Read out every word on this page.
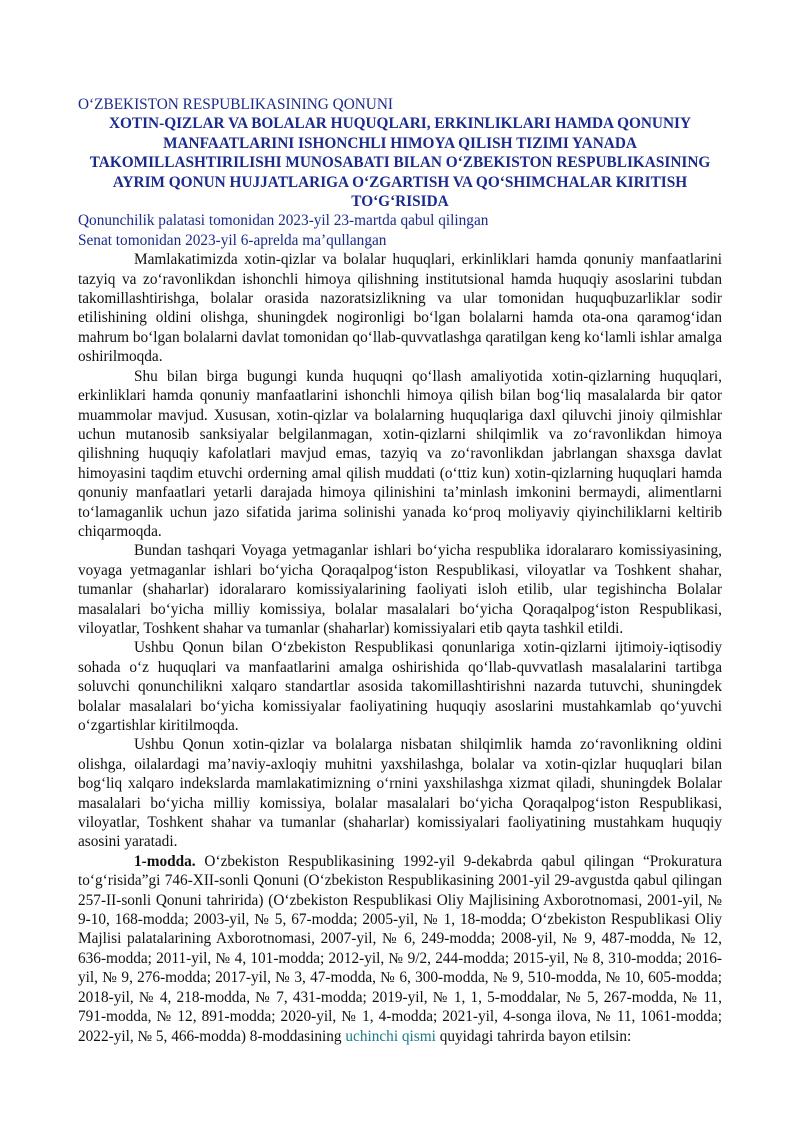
O‘ZBEKISTON RESPUBLIKASINING QONUNI

XOTIN-QIZLAR VA BOLALAR HUQUQLARI, ERKINLIKLARI HAMDA QONUNIY MANFAATLARINI ISHONCHLI HIMOYA QILISH TIZIMI YANADA TAKOMILLASHTIRILISHI MUNOSABATI BILAN O‘ZBEKISTON RESPUBLIKASINING AYRIM QONUN HUJJATLARIGA O‘ZGARTISH VA QO‘SHIMCHALAR KIRITISH TO‘G‘RISIDA

Qonunchilik palatasi tomonidan 2023-yil 23-martda qabul qilingan

Senat tomonidan 2023-yil 6-aprelda ma’qullangan

Mamlakatimizda xotin-qizlar va bolalar huquqlari, erkinliklari hamda qonuniy manfaatlarini tazyiq va zo‘ravonlikdan ishonchli himoya qilishning institutsional hamda huquqiy asoslarini tubdan takomillashtirishga, bolalar orasida nazoratsizlikning va ular tomonidan huquqbuzarliklar sodir etilishining oldini olishga, shuningdek nogironligi bo‘lgan bolalarni hamda ota-ona qaramog‘idan mahrum bo‘lgan bolalarni davlat tomonidan qo‘llab-quvvatlashga qaratilgan keng ko‘lamli ishlar amalga oshirilmoqda.

Shu bilan birga bugungi kunda huquqni qo‘llash amaliyotida xotin-qizlarning huquqlari, erkinliklari hamda qonuniy manfaatlarini ishonchli himoya qilish bilan bog‘liq masalalarda bir qator muammolar mavjud. Xususan, xotin-qizlar va bolalarning huquqlariga daxl qiluvchi jinoiy qilmishlar uchun mutanosib sanksiyalar belgilanmagan, xotin-qizlarni shilqimlik va zo‘ravonlikdan himoya qilishning huquqiy kafolatlari mavjud emas, tazyiq va zo‘ravonlikdan jabrlangan shaxsga davlat himoyasini taqdim etuvchi orderning amal qilish muddati (o‘ttiz kun) xotin-qizlarning huquqlari hamda qonuniy manfaatlari yetarli darajada himoya qilinishini ta’minlash imkonini bermaydi, alimentlarni to‘lamaganlik uchun jazo sifatida jarima solinishi yanada ko‘proq moliyaviy qiyinchiliklarni keltirib chiqarmoqda.

Bundan tashqari Voyaga yetmaganlar ishlari bo‘yicha respublika idoralararo komissiyasining, voyaga yetmaganlar ishlari bo‘yicha Qoraqalpog‘iston Respublikasi, viloyatlar va Toshkent shahar, tumanlar (shaharlar) idoralararo komissiyalarining faoliyati isloh etilib, ular tegishincha Bolalar masalalari bo‘yicha milliy komissiya, bolalar masalalari bo‘yicha Qoraqalpog‘iston Respublikasi, viloyatlar, Toshkent shahar va tumanlar (shaharlar) komissiyalari etib qayta tashkil etildi.

Ushbu Qonun bilan O‘zbekiston Respublikasi qonunlariga xotin-qizlarni ijtimoiy-iqtisodiy sohada o‘z huquqlari va manfaatlarini amalga oshirishida qo‘llab-quvvatlash masalalarini tartibga soluvchi qonunchilikni xalqaro standartlar asosida takomillashtirishni nazarda tutuvchi, shuningdek bolalar masalalari bo‘yicha komissiyalar faoliyatining huquqiy asoslarini mustahkamlab qo‘yuvchi o‘zgartishlar kiritilmoqda.

Ushbu Qonun xotin-qizlar va bolalarga nisbatan shilqimlik hamda zo‘ravonlikning oldini olishga, oilalardagi ma’naviy-axloqiy muhitni yaxshilashga, bolalar va xotin-qizlar huquqlari bilan bog‘liq xalqaro indekslarda mamlakatimizning o‘rnini yaxshilashga xizmat qiladi, shuningdek Bolalar masalalari bo‘yicha milliy komissiya, bolalar masalalari bo‘yicha Qoraqalpog‘iston Respublikasi, viloyatlar, Toshkent shahar va tumanlar (shaharlar) komissiyalari faoliyatining mustahkam huquqiy asosini yaratadi.

1-modda. O‘zbekiston Respublikasining 1992-yil 9-dekabrda qabul qilingan “Prokuratura to‘g‘risida”gi 746-XII-sonli Qonuni (O‘zbekiston Respublikasining 2001-yil 29-avgustda qabul qilingan 257-II-sonli Qonuni tahririda) (O‘zbekiston Respublikasi Oliy Majlisining Axborotnomasi, 2001-yil, № 9-10, 168-modda; 2003-yil, № 5, 67-modda; 2005-yil, № 1, 18-modda; O‘zbekiston Respublikasi Oliy Majlisi palatalarining Axborotnomasi, 2007-yil, № 6, 249-modda; 2008-yil, № 9, 487-modda, № 12, 636-modda; 2011-yil, № 4, 101-modda; 2012-yil, № 9/2, 244-modda; 2015-yil, № 8, 310-modda; 2016-yil, № 9, 276-modda; 2017-yil, № 3, 47-modda, № 6, 300-modda, № 9, 510-modda, № 10, 605-modda; 2018-yil, № 4, 218-modda, № 7, 431-modda; 2019-yil, № 1, 1, 5-moddalar, № 5, 267-modda, № 11, 791-modda, № 12, 891-modda; 2020-yil, № 1, 4-modda; 2021-yil, 4-songa ilova, № 11, 1061-modda; 2022-yil, № 5, 466-modda) 8-moddasining uchinchi qismi quyidagi tahrirda bayon etilsin:
